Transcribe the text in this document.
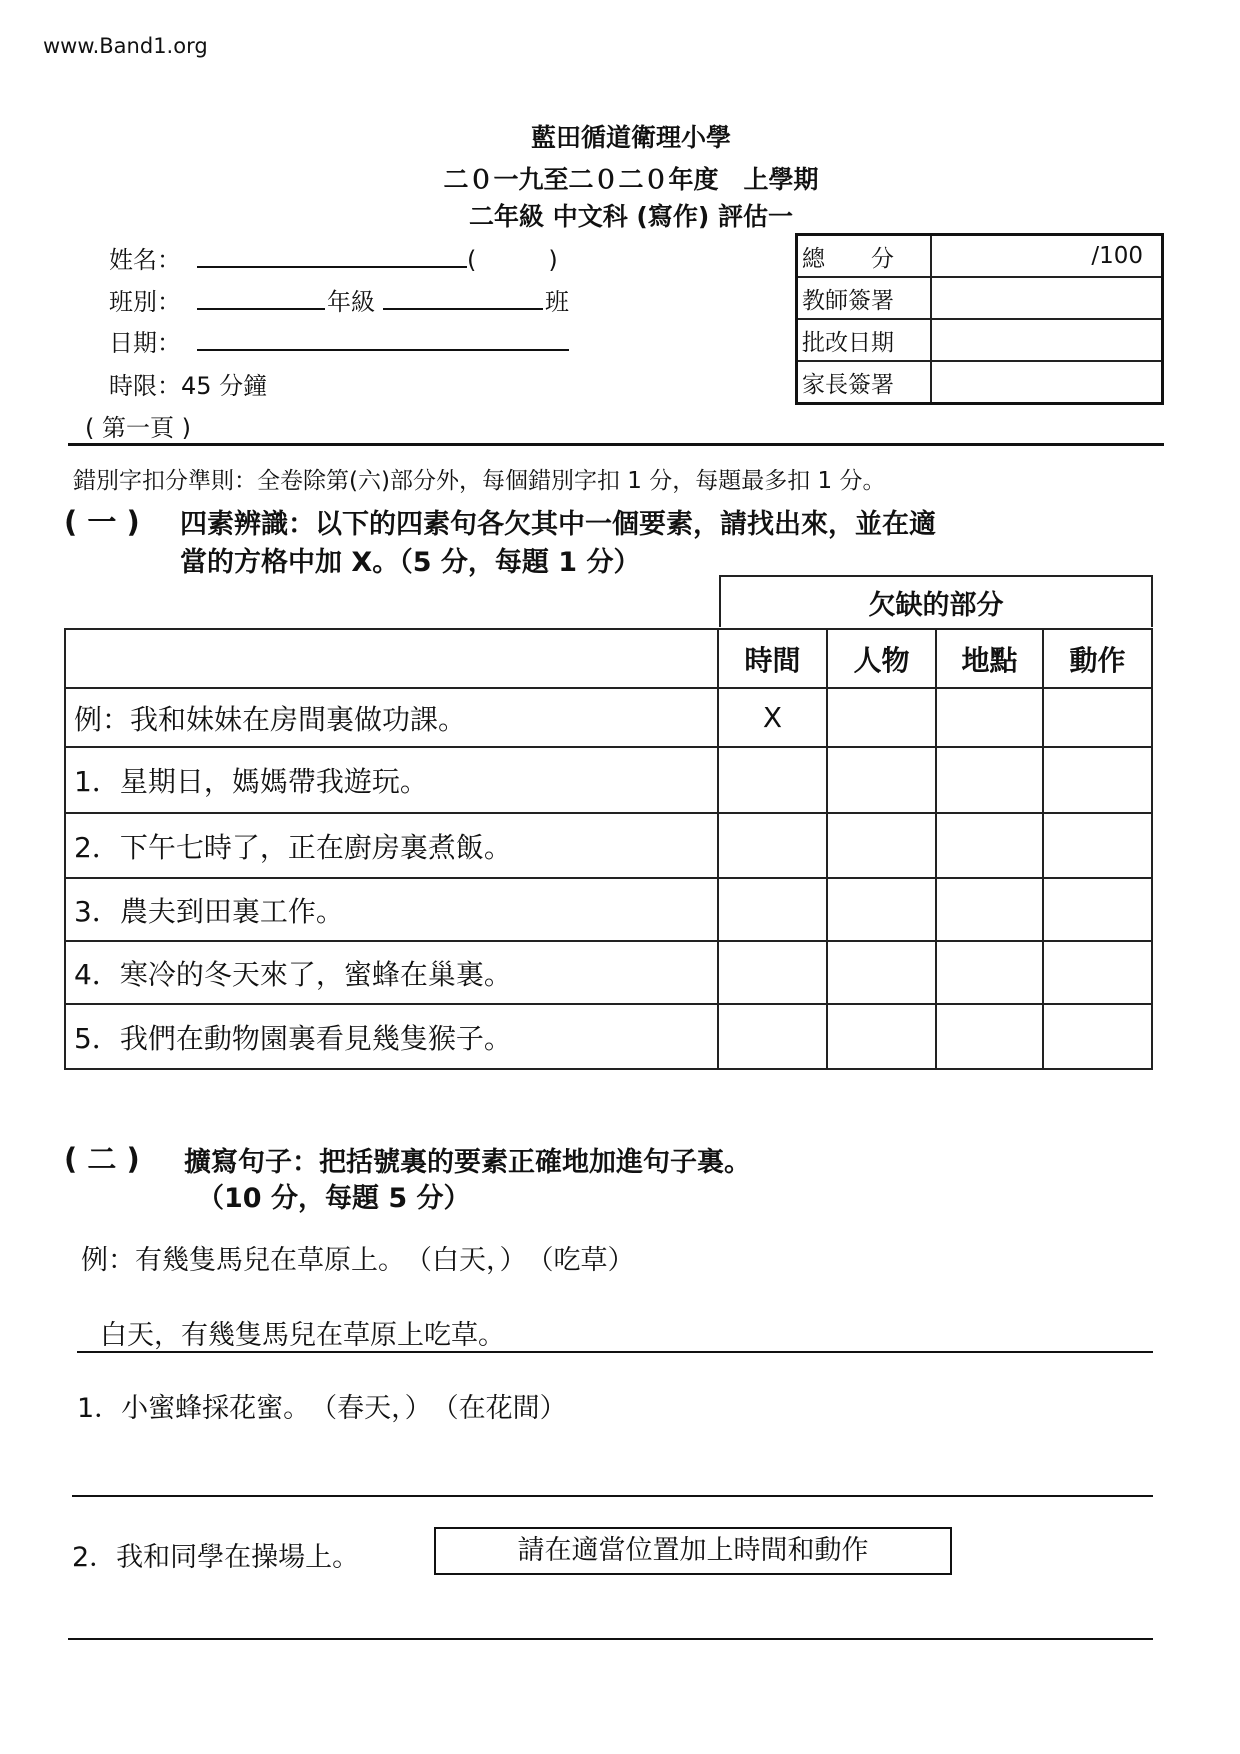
www.Band1.org
藍田循道衛理小學
二０一九至二０二０年度　上學期
二年級 中文科 (寫作) 評估一
姓名：	(　　　)
班別：	年級	班
日期：
時限：45 分鐘
( 第一頁 )
總　　分	/100
教師簽署	
批改日期	
家長簽署	
錯別字扣分準則：全卷除第(六)部分外，每個錯別字扣 1 分，每題最多扣 1 分。
( 一 ) 四素辨識：以下的四素句各欠其中一個要素，請找出來，並在適
當的方格中加 X。（5 分，每題 1 分）
欠缺的部分
	時間	人物	地點	動作
例：我和妹妹在房間裏做功課。	X			
1．星期日，媽媽帶我遊玩。				
2．下午七時了，正在廚房裏煮飯。				
3．農夫到田裏工作。				
4．寒冷的冬天來了，蜜蜂在巢裏。				
5．我們在動物園裏看見幾隻猴子。				
( 二 ) 擴寫句子：把括號裏的要素正確地加進句子裏。
（10 分，每題 5 分）
例：有幾隻馬兒在草原上。　（白天，）　（吃草）
白天，有幾隻馬兒在草原上吃草。
1．小蜜蜂採花蜜。　（春天，）　（在花間）
2．我和同學在操場上。	請在適當位置加上時間和動作
